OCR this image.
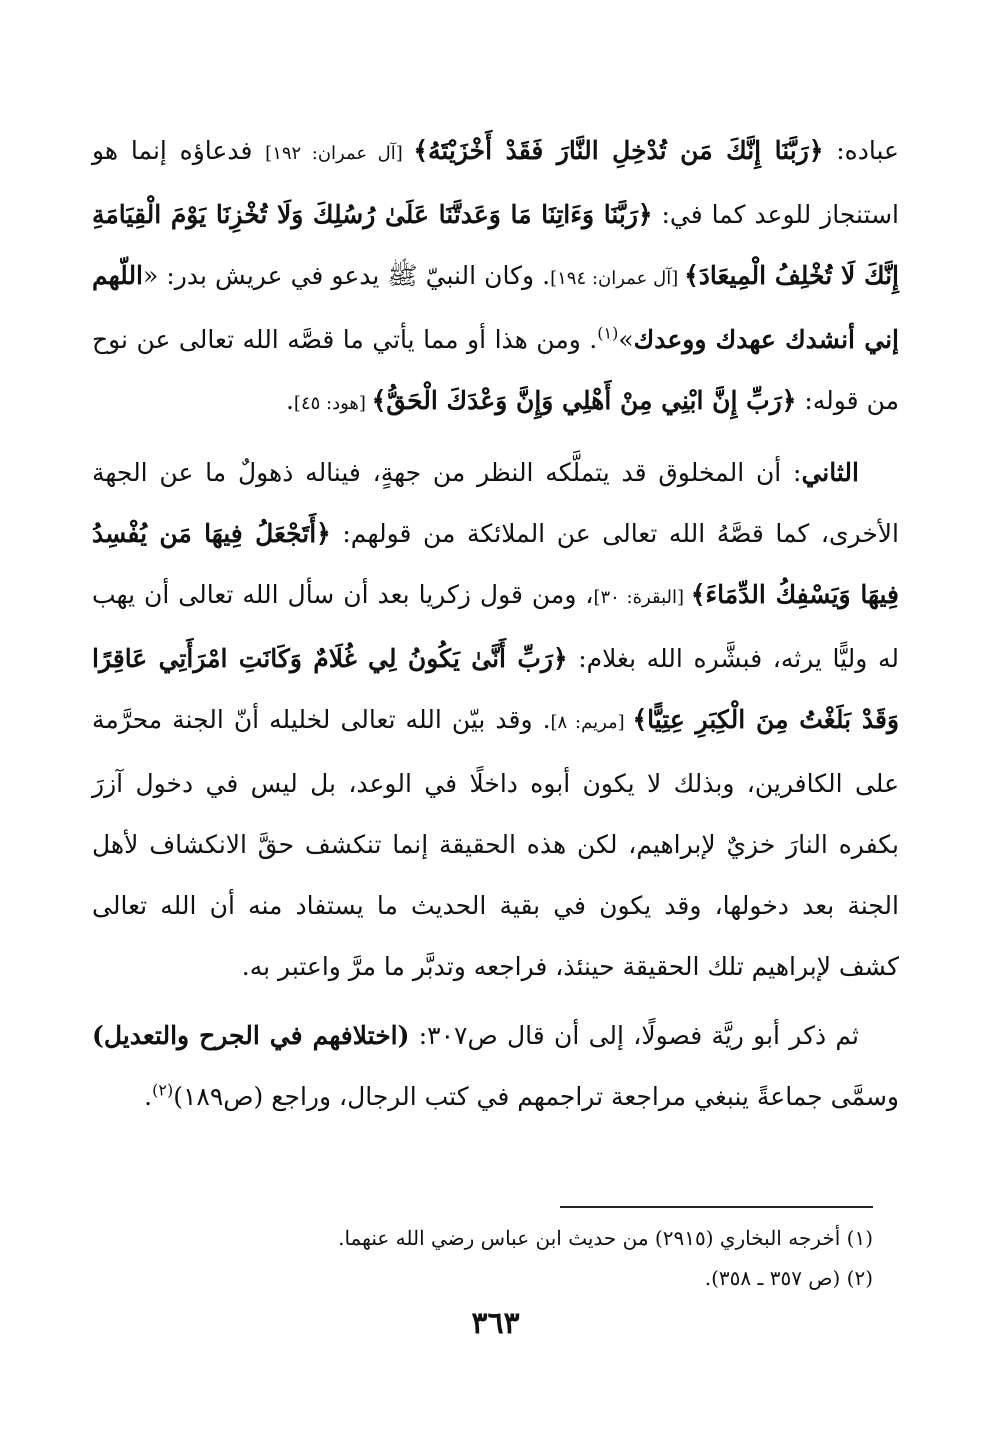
عباده: ﴿رَبَّنَا إِنَّكَ مَن تُدْخِلِ النَّارَ فَقَدْ أَخْزَيْتَهُ﴾ [آل عمران: ١٩٢] فدعاؤه إنما هو استنجاز للوعد كما في: ﴿رَبَّنَا وَءَاتِنَا مَا وَعَدتَّنَا عَلَىٰ رُسُلِكَ وَلَا تُخْزِنَا يَوْمَ الْقِيَامَةِ إِنَّكَ لَا تُخْلِفُ الْمِيعَادَ﴾ [آل عمران: ١٩٤]. وكان النبيّ ﷺ يدعو في عريش بدر: «اللّهم إني أنشدك عهدك ووعدك»$^{(١)}$. ومن هذا أو مما يأتي ما قصَّه الله تعالى عن نوح من قوله: ﴿رَبِّ إِنَّ ابْنِي مِنْ أَهْلِي وَإِنَّ وَعْدَكَ الْحَقُّ﴾ [هود: ٤٥].

الثاني: أن المخلوق قد يتملَّكه النظر من جهةٍ، فيناله ذهولٌ ما عن الجهة الأخرى، كما قصَّهُ الله تعالى عن الملائكة من قولهم: ﴿أَتَجْعَلُ فِيهَا مَن يُفْسِدُ فِيهَا وَيَسْفِكُ الدِّمَاءَ﴾ [البقرة: ٣٠]، ومن قول زكريا بعد أن سأل الله تعالى أن يهب له وليًّا يرثه، فبشَّره الله بغلام: ﴿رَبِّ أَنَّىٰ يَكُونُ لِي غُلَامٌ وَكَانَتِ امْرَأَتِي عَاقِرًا وَقَدْ بَلَغْتُ مِنَ الْكِبَرِ عِتِيًّا﴾ [مريم: ٨]. وقد بيّن الله تعالى لخليله أنّ الجنة محرَّمة على الكافرين، وبذلك لا يكون أبوه داخلًا في الوعد، بل ليس في دخول آزرَ بكفره النارَ خزيٌ لإبراهيم، لكن هذه الحقيقة إنما تنكشف حقَّ الانكشاف لأهل الجنة بعد دخولها، وقد يكون في بقية الحديث ما يستفاد منه أن الله تعالى كشف لإبراهيم تلك الحقيقة حينئذ، فراجعه وتدبَّر ما مرَّ واعتبر به.

ثم ذكر أبو ريَّة فصولًا، إلى أن قال ص٣٠٧: (اختلافهم في الجرح والتعديل) وسمَّى جماعةً ينبغي مراجعة تراجمهم في كتب الرجال، وراجع (ص١٨٩)$^{(٢)}$.

(١) أخرجه البخاري (٢٩١٥) من حديث ابن عباس رضي الله عنهما.

(٢) (ص ٣٥٧ ـ ٣٥٨).

٣٦٣
